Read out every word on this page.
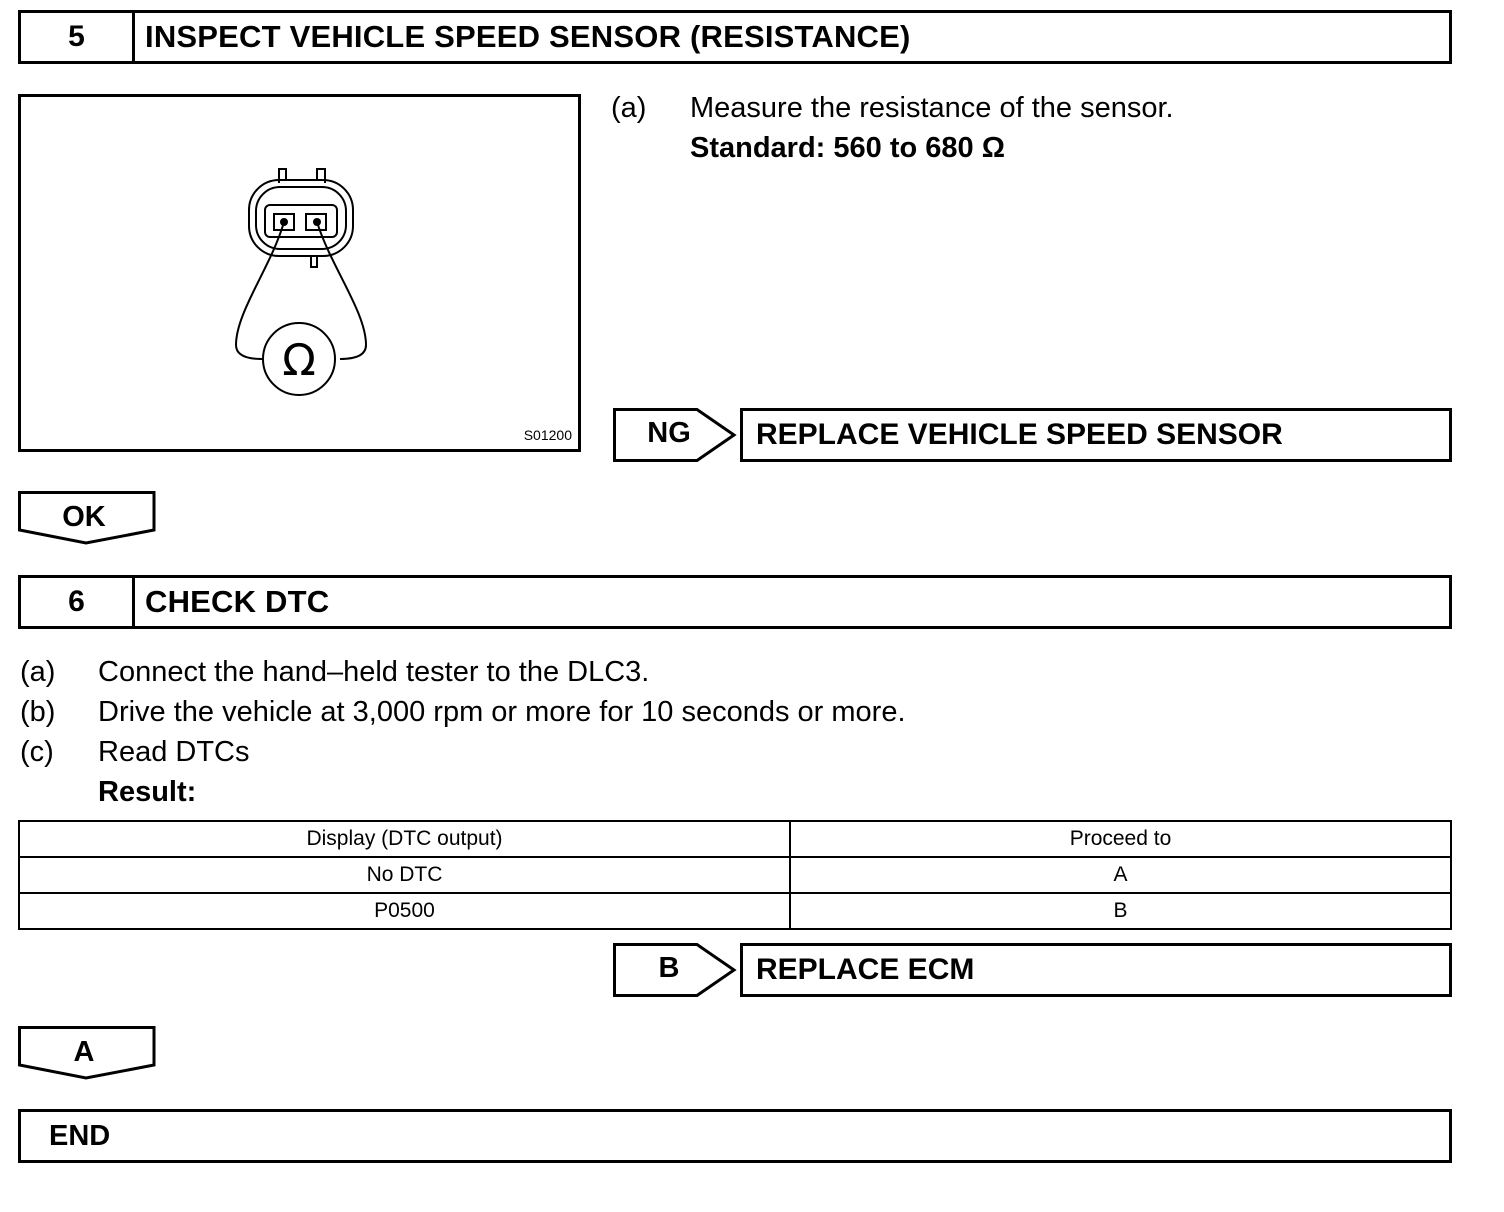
5	INSPECT VEHICLE SPEED SENSOR (RESISTANCE)
Ω
S01200
(a) Measure the resistance of the sensor.
Standard: 560 to 680 Ω
NG	REPLACE VEHICLE SPEED SENSOR
OK
6	CHECK DTC
(a) Connect the hand–held tester to the DLC3.
(b) Drive the vehicle at 3,000 rpm or more for 10 seconds or more.
(c) Read DTCs
Result:
Display (DTC output)	Proceed to
No DTC	A
P0500	B
B	REPLACE ECM
A
END
